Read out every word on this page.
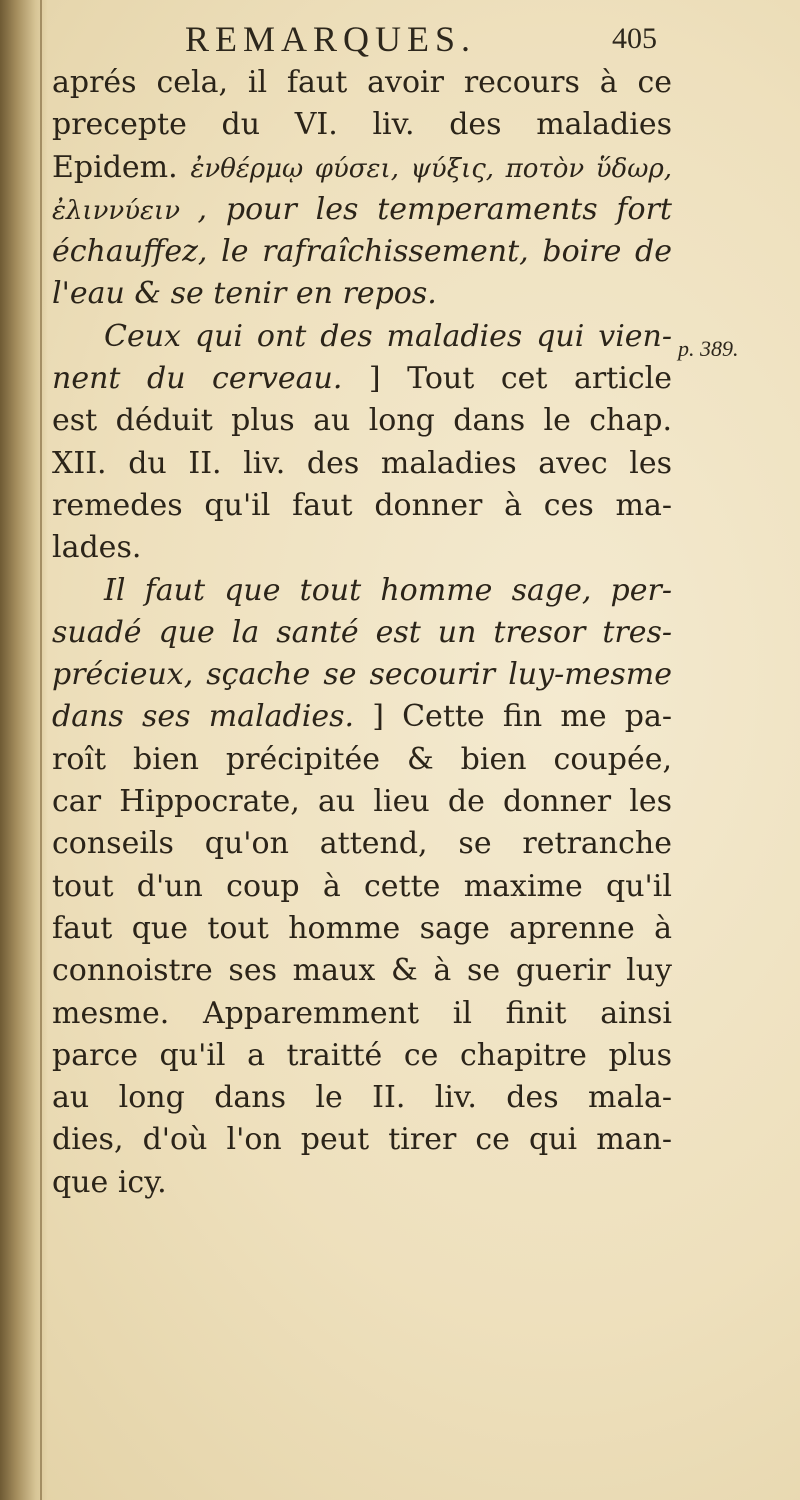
REMARQUES.	405
p. 389.
aprés cela, il faut avoir recours à ce
precepte du VI. liv. des maladies
Epidem. ἐνθέρμῳ φύσει, ψύξις, ποτὸν ὕδωρ,
ἐλιννύειν , pour les temperaments fort
échauffez, le rafraîchissement, boire de
l'eau & se tenir en repos.
Ceux qui ont des maladies qui vien-
nent du cerveau. ] Tout cet article
est déduit plus au long dans le chap.
XII. du II. liv. des maladies avec les
remedes qu'il faut donner à ces ma-
lades.
Il faut que tout homme sage, per-
suadé que la santé est un tresor tres-
précieux, sçache se secourir luy-mesme
dans ses maladies. ] Cette fin me pa-
roît bien précipitée & bien coupée,
car Hippocrate, au lieu de donner les
conseils qu'on attend, se retranche
tout d'un coup à cette maxime qu'il
faut que tout homme sage aprenne à
connoistre ses maux & à se guerir luy
mesme. Apparemment il finit ainsi
parce qu'il a traitté ce chapitre plus
au long dans le II. liv. des mala-
dies, d'où l'on peut tirer ce qui man-
que icy.
